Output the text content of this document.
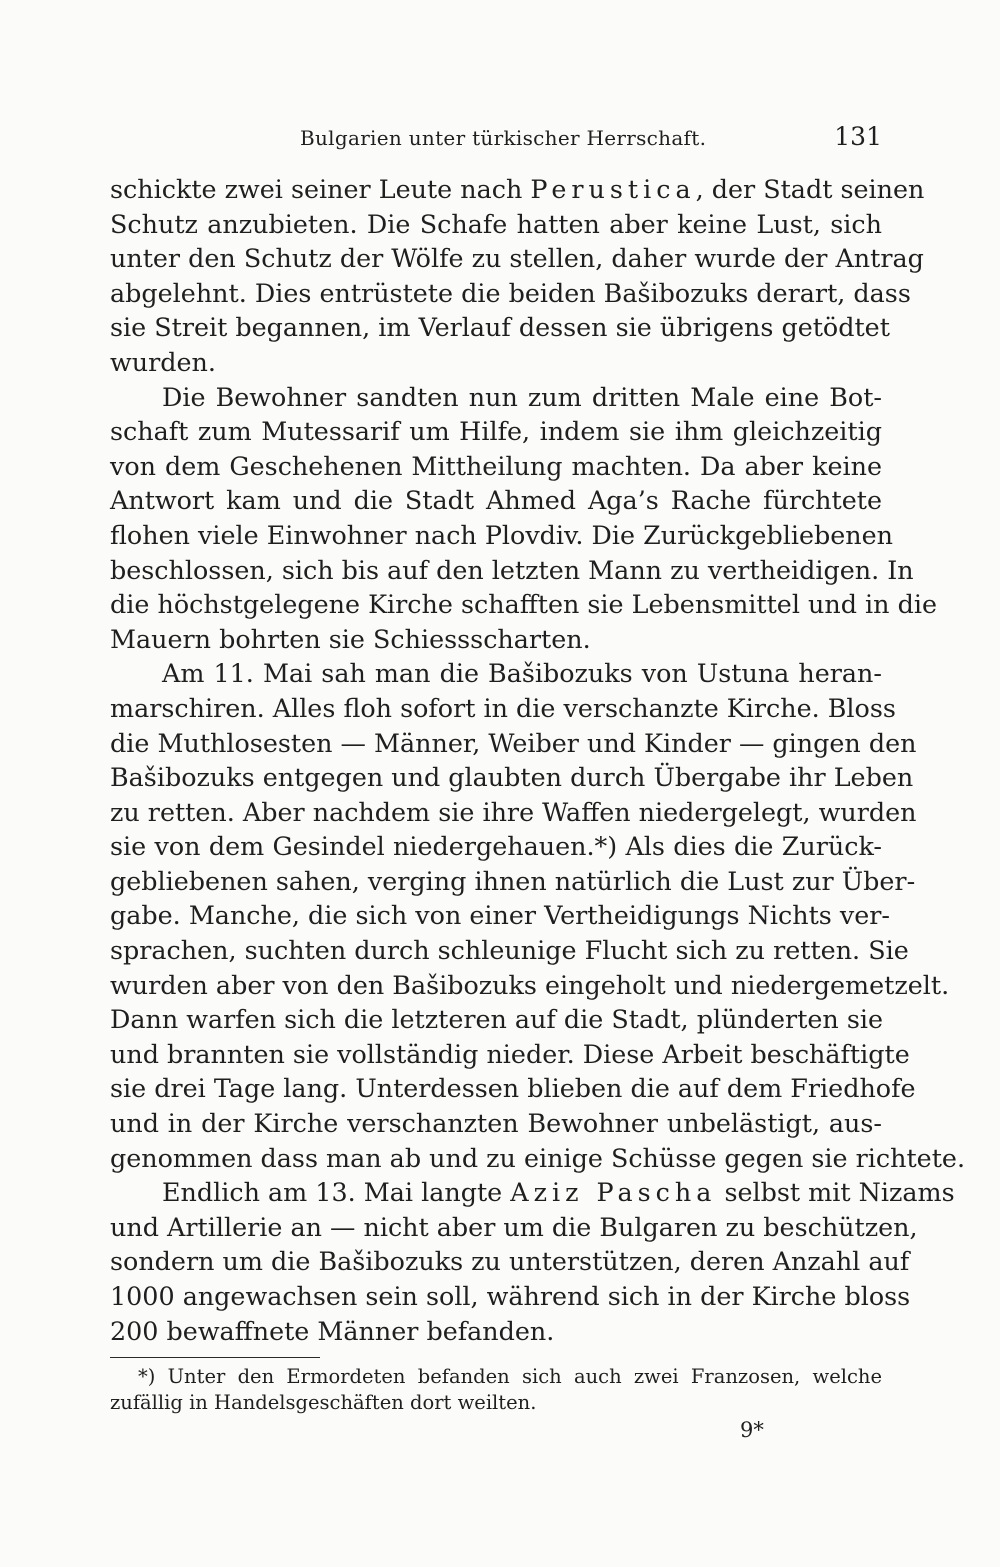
Bulgarien unter türkischer Herrschaft.	131
schickte zwei seiner Leute nach Perustica, der Stadt seinen
Schutz anzubieten. Die Schafe hatten aber keine Lust, sich
unter den Schutz der Wölfe zu stellen, daher wurde der Antrag
abgelehnt. Dies entrüstete die beiden Bašibozuks derart, dass
sie Streit begannen, im Verlauf dessen sie übrigens getödtet
wurden.
Die Bewohner sandten nun zum dritten Male eine Bot-
schaft zum Mutessarif um Hilfe, indem sie ihm gleichzeitig
von dem Geschehenen Mittheilung machten. Da aber keine
Antwort kam und die Stadt Ahmed Aga’s Rache fürchtete
flohen viele Einwohner nach Plovdiv. Die Zurückgebliebenen
beschlossen, sich bis auf den letzten Mann zu vertheidigen. In
die höchstgelegene Kirche schafften sie Lebensmittel und in die
Mauern bohrten sie Schiessscharten.
Am 11. Mai sah man die Bašibozuks von Ustuna heran-
marschiren. Alles floh sofort in die verschanzte Kirche. Bloss
die Muthlosesten — Männer, Weiber und Kinder — gingen den
Bašibozuks entgegen und glaubten durch Übergabe ihr Leben
zu retten. Aber nachdem sie ihre Waffen niedergelegt, wurden
sie von dem Gesindel niedergehauen.*) Als dies die Zurück-
gebliebenen sahen, verging ihnen natürlich die Lust zur Über-
gabe. Manche, die sich von einer Vertheidigungs Nichts ver-
sprachen, suchten durch schleunige Flucht sich zu retten. Sie
wurden aber von den Bašibozuks eingeholt und niedergemetzelt.
Dann warfen sich die letzteren auf die Stadt, plünderten sie
und brannten sie vollständig nieder. Diese Arbeit beschäftigte
sie drei Tage lang. Unterdessen blieben die auf dem Friedhofe
und in der Kirche verschanzten Bewohner unbelästigt, aus-
genommen dass man ab und zu einige Schüsse gegen sie richtete.
Endlich am 13. Mai langte Aziz Pascha selbst mit Nizams
und Artillerie an — nicht aber um die Bulgaren zu beschützen,
sondern um die Bašibozuks zu unterstützen, deren Anzahl auf
1000 angewachsen sein soll, während sich in der Kirche bloss
200 bewaffnete Männer befanden.
*) Unter den Ermordeten befanden sich auch zwei Franzosen, welche
zufällig in Handelsgeschäften dort weilten.
9*
